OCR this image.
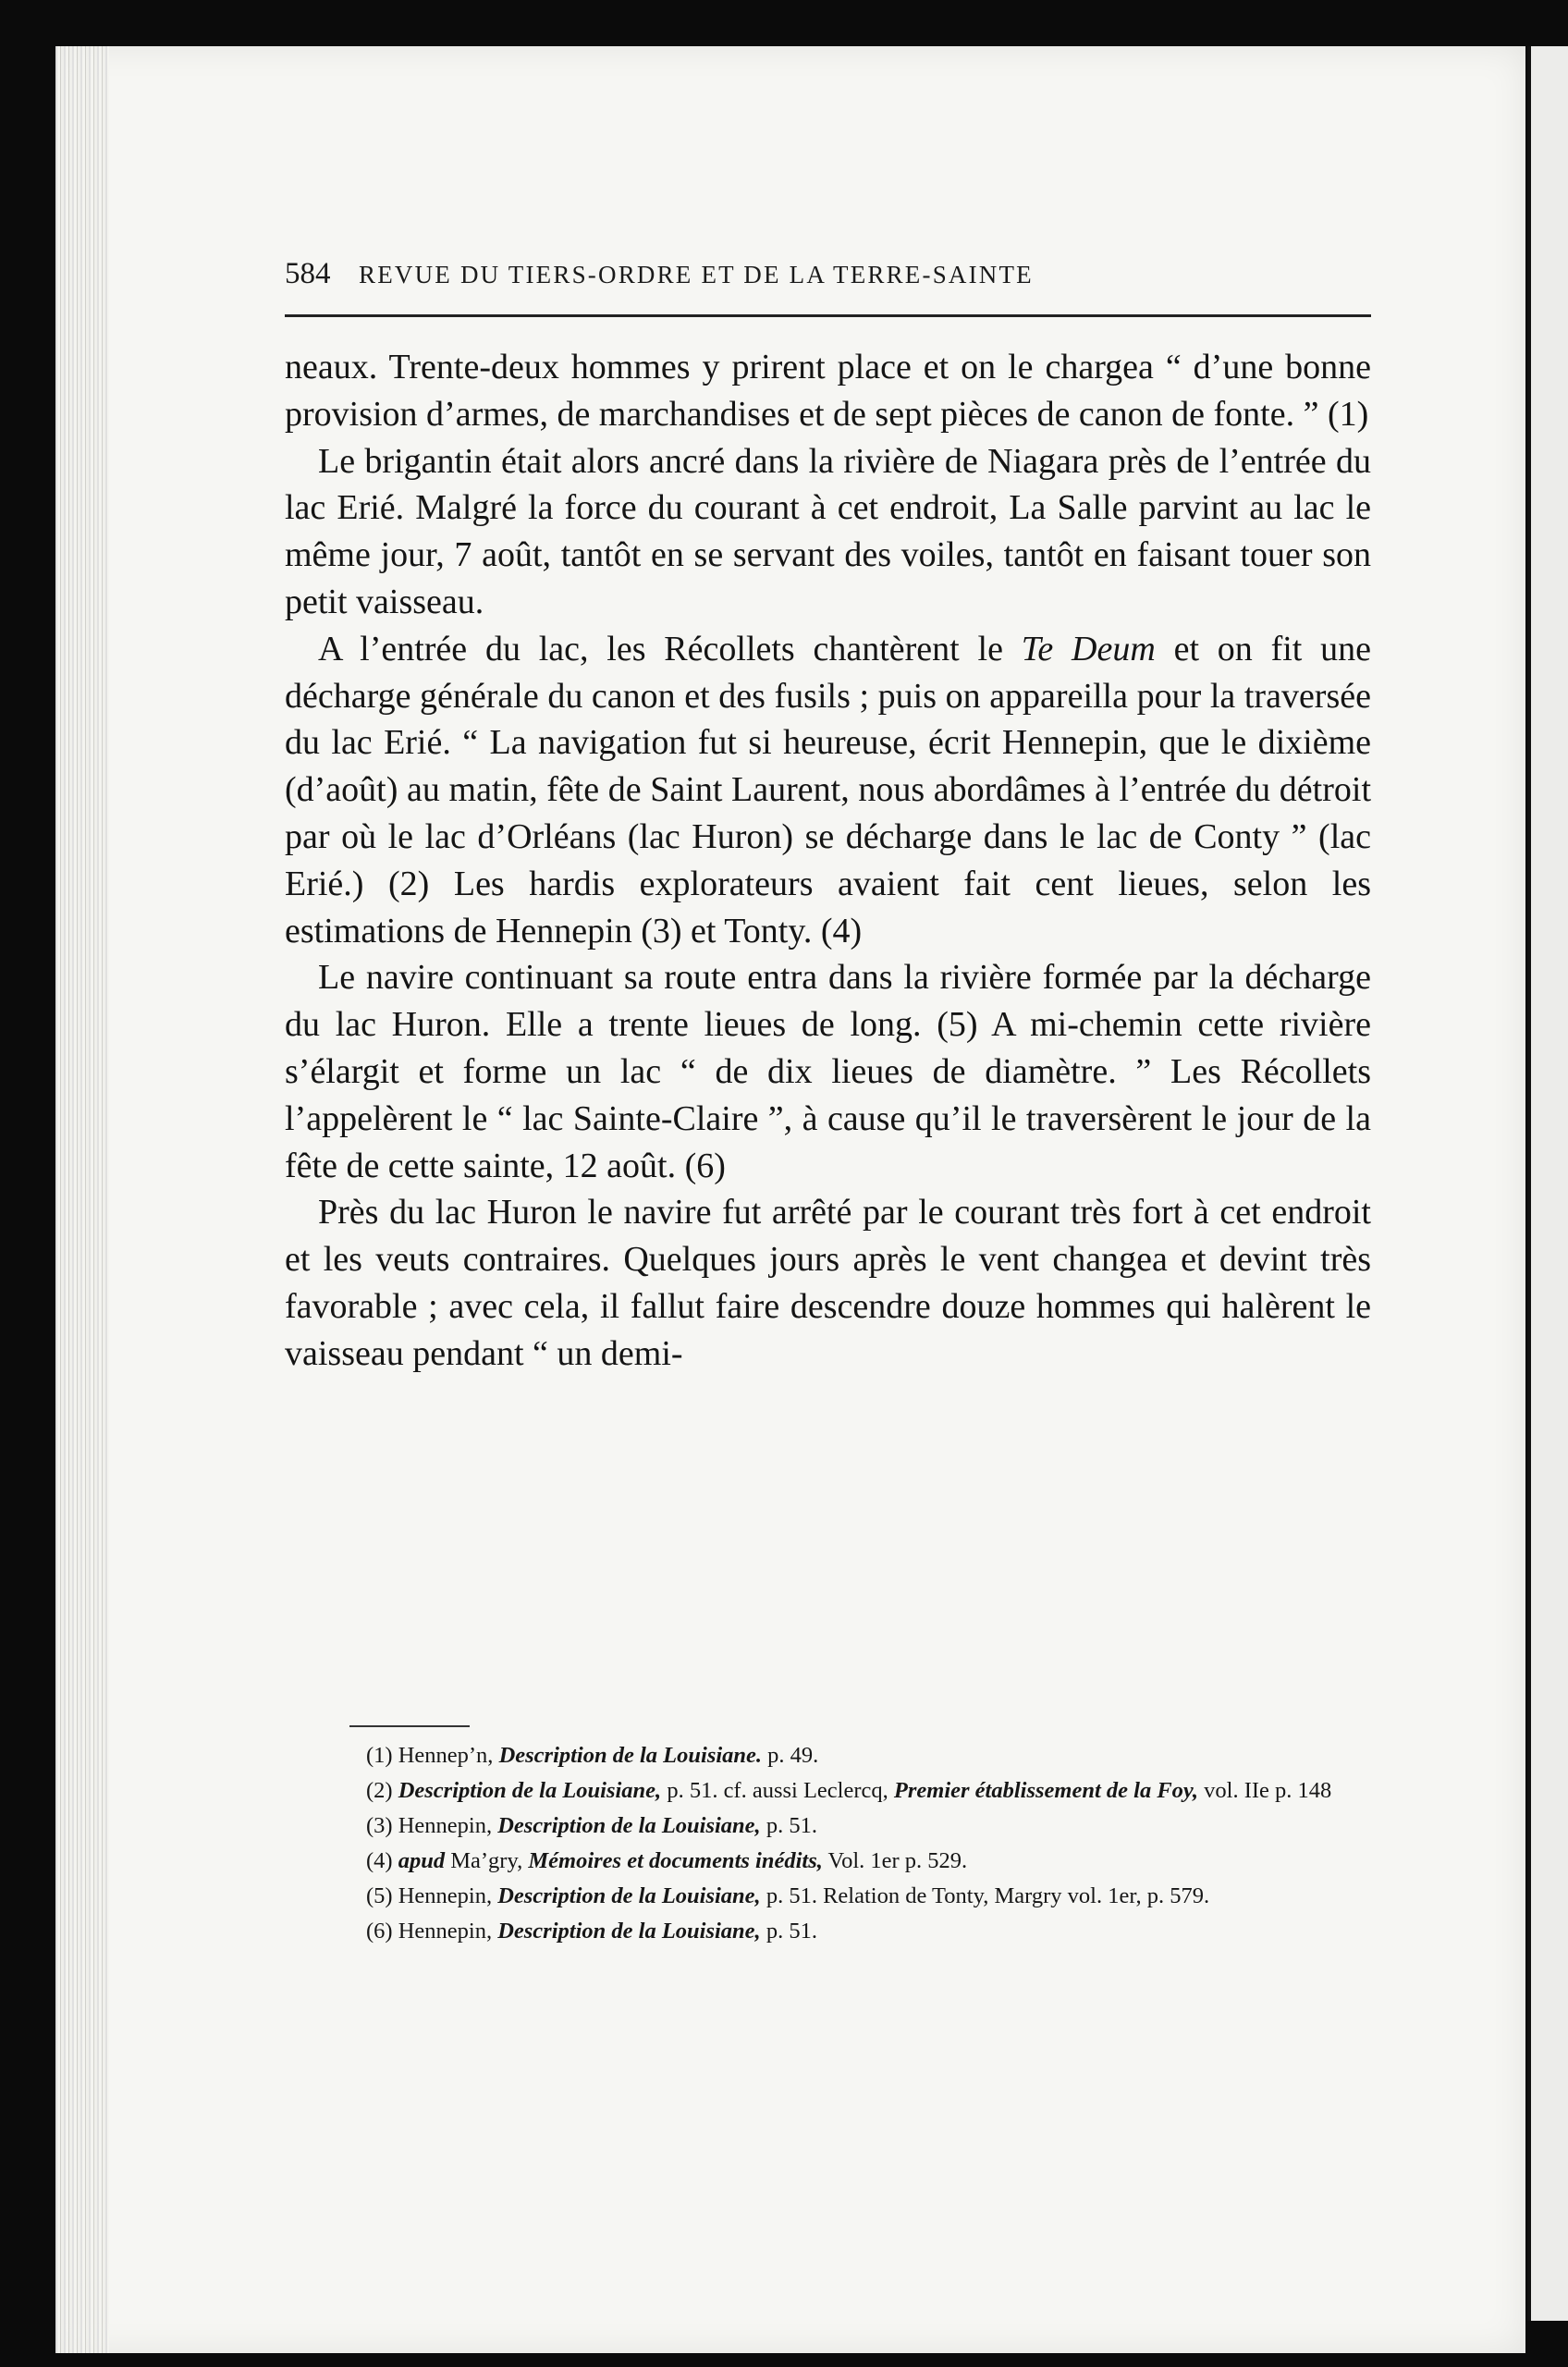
584	REVUE DU TIERS-ORDRE ET DE LA TERRE-SAINTE

neaux. Trente-deux hommes y prirent place et on le chargea “ d’une bonne provision d’armes, de marchandises et de sept pièces de canon de fonte. ” (1)

Le brigantin était alors ancré dans la rivière de Niagara près de l’entrée du lac Erié. Malgré la force du courant à cet endroit, La Salle parvint au lac le même jour, 7 août, tantôt en se servant des voiles, tantôt en faisant touer son petit vaisseau.

A l’entrée du lac, les Récollets chantèrent le Te Deum et on fit une décharge générale du canon et des fusils ; puis on appareilla pour la traversée du lac Erié. “ La navigation fut si heureuse, écrit Hennepin, que le dixième (d’août) au matin, fête de Saint Laurent, nous abordâmes à l’entrée du détroit par où le lac d’Orléans (lac Huron) se décharge dans le lac de Conty ” (lac Erié.) (2) Les hardis explorateurs avaient fait cent lieues, selon les estimations de Hennepin (3) et Tonty. (4)

Le navire continuant sa route entra dans la rivière formée par la décharge du lac Huron. Elle a trente lieues de long. (5) A mi-chemin cette rivière s’élargit et forme un lac “ de dix lieues de diamètre. ” Les Récollets l’appelèrent le “ lac Sainte-Claire ”, à cause qu’il le traversèrent le jour de la fête de cette sainte, 12 août. (6)

Près du lac Huron le navire fut arrêté par le courant très fort à cet endroit et les veuts contraires. Quelques jours après le vent changea et devint très favorable ; avec cela, il fallut faire descendre douze hommes qui halèrent le vaisseau pendant “ un demi-

(1) Hennep’n, Description de la Louisiane. p. 49.

(2) Description de la Louisiane, p. 51. cf. aussi Leclercq, Premier établissement de la Foy, vol. IIe p. 148

(3) Hennepin, Description de la Louisiane, p. 51.

(4) apud Ma’gry, Mémoires et documents inédits, Vol. 1er p. 529.

(5) Hennepin, Description de la Louisiane, p. 51. Relation de Tonty, Margry vol. 1er, p. 579.

(6) Hennepin, Description de la Louisiane, p. 51.
